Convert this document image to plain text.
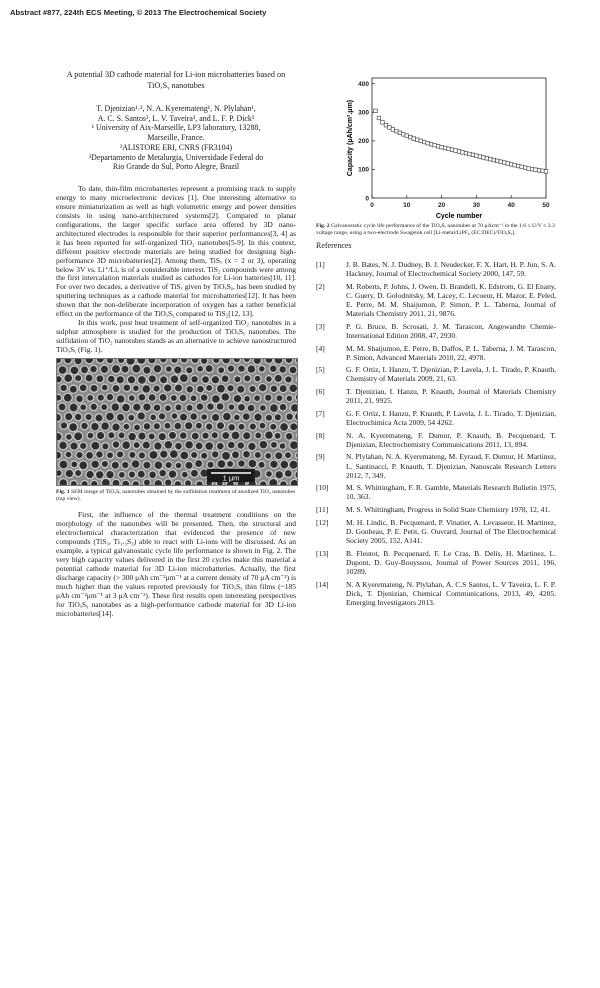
Abstract #877, 224th ECS Meeting, © 2013 The Electrochemical Society

A potential 3D cathode material for Li-ion microbatteries based on TiOₓSᵧ nanotubes

T. Djenizian¹˒², N. A. Kyeremateng¹, N. Plylahan¹,

A. C. S. Santos³, L. V. Taveira³, and L. F. P. Dick³

¹ University of Aix-Marseille, LP3 laboratory, 13288,

Marseille, France.

²ALISTORE ERI, CNRS (FR3104)

³Departamento de Metalurgia, Universidade Federal do

Rio Grande do Sul, Porto Alegre, Brazil

To date, thin-film microbatteries represent a promising track to supply energy to many microelectronic devices [1]. One interesting alternative to ensure miniaturization as well as high volumetric energy and power densities consists in using nano-architectured systems[2]. Compared to planar configurations, the larger specific surface area offered by 3D nano-architectured electrodes is responsible for their superior performances[3, 4] as it has been reported for self-organized TiO₂ nanotubes[5-9]. In this context, different positive electrode materials are being studied for designing high-performance 3D microbatteries[2]. Among them, TiSₓ (x = 2 or 3), operating below 3V vs. Li⁺/Li, is of a considerable interest. TiS₂ compounds were among the first intercalation materials studied as cathodes for Li-ion batteries[10, 11]. For over two decades, a derivative of TiSₓ given by TiOₓSᵧ, has been studied by sputtering techniques as a cathode material for microbatteries[12]. It has been shown that the non-deliberate incorporation of oxygen has a rather beneficial effect on the performance of the TiOₓSᵧ compared to TiS₂[12, 13].

In this work, post heat treatment of self-organized TiO₂ nanotubes in a sulphur atmosphere is studied for the production of TiOₓSᵧ nanotubes. The sulfidation of TiO₂ nanotubes stands as an alternative to achieve nanostructured TiOₓSᵧ (Fig. 1).

1 μm
Fig. 1 SEM image of TiOₓSᵧ nanotubes obtained by the sulfidation treatment of anodized TiO₂ nanotubes (top view).

First, the influence of the thermal treatment conditions on the morphology of the nanotubes will be presented. Then, the structural and electrochemical characterization that evidenced the presence of new compounds (TiS₃, Ti₁.₃S₃) able to react with Li-ions will be discussed. As an example, a typical galvanostatic cycle life performance is shown in Fig. 2. The very high capacity values delivered in the first 20 cycles make this material a potential cathode material for 3D Li-ion microbatteries. Actually, the first discharge capacity (> 300 μAh cm⁻²μm⁻¹ at a current density of 70 μA cm⁻²) is much higher than the values reported previously for TiOₓSᵧ thin films (~185 μAh cm⁻²μm⁻¹ at 3 μA cm⁻²). These first results open interesting perspectives for TiOₓSᵧ nanotabes as a high-performance cathode material for 3D Li-ion microbatteries[14].

0	10	20	30	40	50
0
100
200
300
400
Cycle number
Capacity (μAh/cm².μm)
Fig. 2 Galvanostatic cycle life performance of the TiOₓSᵧ nanotubes at 70 μAcm⁻² in the 1.6 ≤ U/V ≤ 3.3 voltage range, using a two-electrode Swagelok cell [Li-metal/LiPF₆ (EC:DEC)/TiOₓSᵧ].
References
[1]	J. B. Bates, N. J. Dudney, B. J. Neudecker, F. X. Hart, H. P. Jun, S. A. Hackney, Journal of Electrochemical Society 2000, 147, 59.
[2]	M. Roberts, P. Johns, J. Owen, D. Brandell, K. Edstrom, G. El Enany, C. Guery, D. Golodnitsky, M. Lacey, C. Lecoeur, H. Mazor, E. Peled, E. Perre, M. M. Shaijumon, P. Simon, P. L. Taberna, Journal of Materials Chemistry 2011, 21, 9876.
[3]	P. G. Bruce, B. Scrosati, J. M. Tarascon, Angewandte Chemie-International Edition 2008, 47, 2930.
[4]	M. M. Shaijumon, E. Perre, B. Daffos, P. L. Taberna, J. M. Tarascon, P. Simon, Advanced Materials 2010, 22, 4978.
[5]	G. F. Ortiz, I. Hanzu, T. Djenizian, P. Lavela, J. L. Tirado, P. Knauth, Chemistry of Materials 2009, 21, 63.
[6]	T. Djenizian, I. Hanzu, P. Knauth, Journal of Materials Chemistry 2011, 21, 9925.
[7]	G. F. Ortiz, I. Hanzu, P. Knauth, P. Lavela, J. L. Tirado, T. Djenizian, Electrochimica Acta 2009, 54 4262.
[8]	N. A. Kyeremateng, F. Dumur, P. Knauth, B. Pecquenard, T. Djenizian, Electrochemistry Communications 2011, 13, 894.
[9]	N. Plylahan, N. A. Kyeremateng, M. Eyraud, F. Dumur, H. Martinez, L. Santinacci, P. Knauth, T. Djenizian, Nanoscale Research Letters 2012, 7, 349.
[10]	M. S. Whittingham, F. R. Gamble, Materials Research Bulletin 1975, 10, 363.
[11]	M. S. Whittingham, Progress in Solid State Chemistry 1978, 12, 41.
[12]	M. H. Lindic, B. Pecquenard, P. Vinatier, A. Levasseur, H. Martinez, D. Gonbeau, P. E. Petit, G. Ouvrard, Journal of The Electrochemical Society 2005, 152, A141.
[13]	B. Fleutot, B. Pecquenard, F. Le Cras, B. Delis, H. Martinez, L. Dupont, D. Guy-Bouyssou, Journal of Power Sources 2011, 196, 10289.
[14]	N. A Kyeremateng, N. Plylahan, A. C.S Santos, L. V Taveira, L. F. P. Dick, T. Djenizian, Chemical Communications, 2013, 49, 4205. Emerging Investigators 2013.
